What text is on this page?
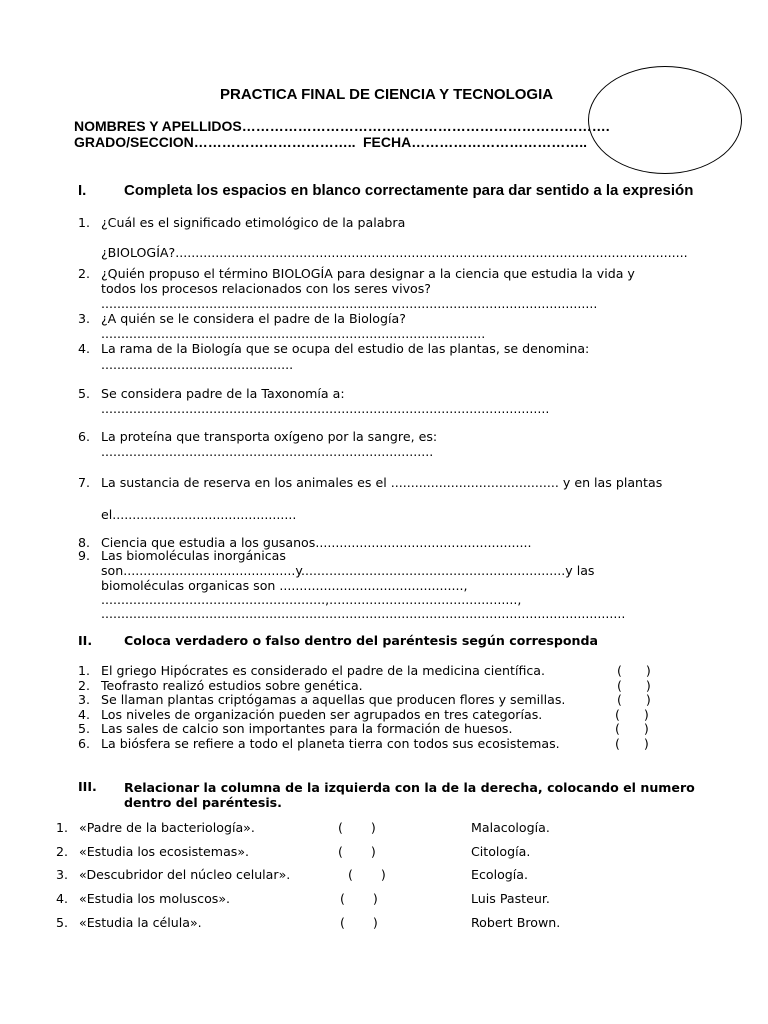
PRACTICA FINAL DE CIENCIA Y TECNOLOGIA
NOMBRES Y APELLIDOS…………………………………………………………………….
GRADO/SECCION…………………………….. FECHA………………………………..
I.	Completa los espacios en blanco correctamente para dar sentido a la expresión
1. ¿Cuál es el significado etimológico de la palabra
¿BIOLOGÍA?................................................................................................................................
2. ¿Quién propuso el término BIOLOGÍA para designar a la ciencia que estudia la vida y
todos los procesos relacionados con los seres vivos?
............................................................................................................................
3. ¿A quién se le considera el padre de la Biología?
................................................................................................
4. La rama de la Biología que se ocupa del estudio de las plantas, se denomina:
................................................
5. Se considera padre de la Taxonomía a:
................................................................................................................
6. La proteína que transporta oxígeno por la sangre, es:
...................................................................................
7. La sustancia de reserva en los animales es el .......................................... y en las plantas
el..............................................
8. Ciencia que estudia a los gusanos......................................................
9. Las biomoléculas inorgánicas
son...........................................y..................................................................y las
biomoléculas organicas son ..............................................,
........................................................,...............................................,
...................................................................................................................................
II.	Coloca verdadero o falso dentro del paréntesis según corresponda
1. El griego Hipócrates es considerado el padre de la medicina científica.	(      )
2. Teofrasto realizó estudios sobre genética.	(      )
3. Se llaman plantas criptógamas a aquellas que producen flores y semillas.	(      )
4. Los niveles de organización pueden ser agrupados en tres categorías.	(      )
5. Las sales de calcio son importantes para la formación de huesos.	(      )
6. La biósfera se refiere a todo el planeta tierra con todos sus ecosistemas.	(      )
III. Relacionar la columna de la izquierda con la de la derecha, colocando el numero
dentro del paréntesis.
1. «Padre de la bacteriología».	(       )	Malacología.
2. «Estudia los ecosistemas».	(       )	Citología.
3. «Descubridor del núcleo celular».	(       )	Ecología.
4. «Estudia los moluscos».	(       )	Luis Pasteur.
5. «Estudia la célula».	(       )	Robert Brown.
